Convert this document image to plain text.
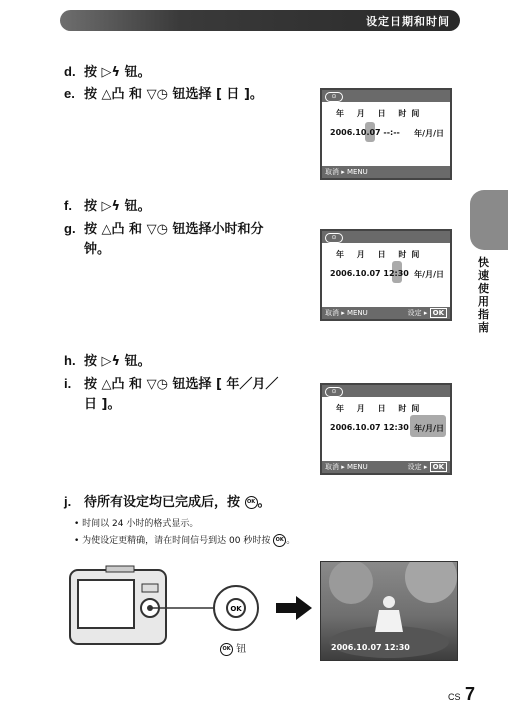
设定日期和时间
d. 按 ▷ϟ 钮。
e. 按 △凸 和 ▽◷ 钮选择 [ 日 ]。
f. 按 ▷ϟ 钮。
g. 按 △凸 和 ▽◷ 钮选择小时和分
钟。
h. 按 ▷ϟ 钮。
i. 按 △凸 和 ▽◷ 钮选择 [ 年／月／
日 ]。
j. 待所有设定均已完成后，按 OK 。
• 时间以 24 小时的格式显示。
• 为使设定更精确，请在时间信号到达 00 秒时按 OK 。
⊙
年 月 日 时间
2006.10.07 --:-- 年/月/日
取消 ▸ MENU
⊙
年 月 日 时间
2006.10.07 12:30 年/月/日
取消 ▸ MENU	设定 ▸ OK
⊙
年 月 日 时间
2006.10.07 12:30 年/月/日
取消 ▸ MENU	设定 ▸ OK
快速使用指南
OK
OK 钮	2006.10.07 12:30
CS 7
